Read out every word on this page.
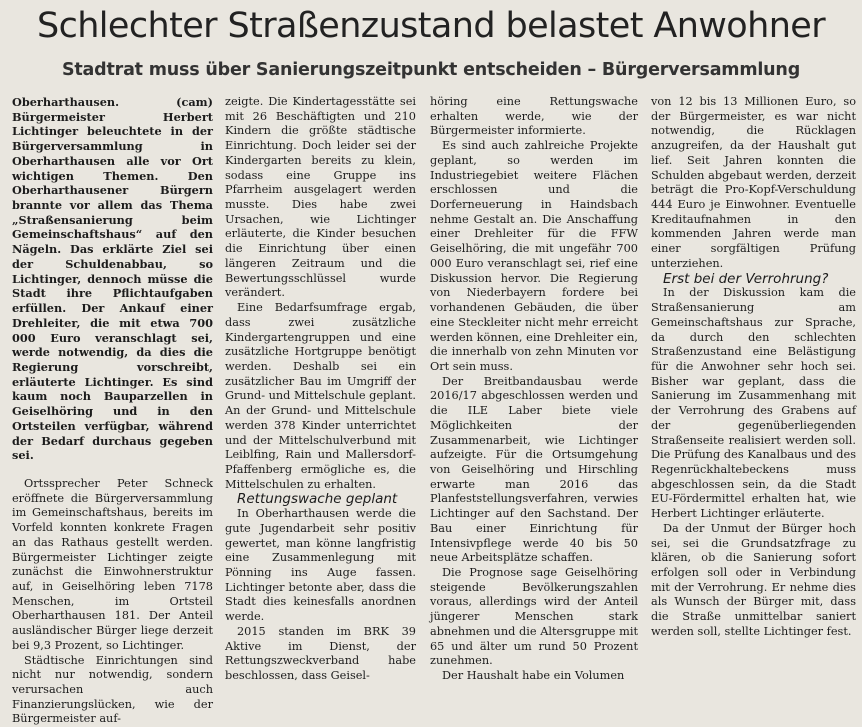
Schlechter Straßenzustand belastet Anwohner
Stadtrat muss über Sanierungszeitpunkt entscheiden – Bürgerversammlung

Oberharthausen. (cam) Bürgermeister Herbert Lichtinger beleuchtete in der Bürgerversammlung in Oberharthausen alle vor Ort wichtigen Themen. Den Oberharthausener Bürgern brannte vor allem das Thema „Straßensanierung beim Gemeinschaftshaus“ auf den Nägeln. Das erklärte Ziel sei der Schuldenabbau, so Lichtinger, dennoch müsse die Stadt ihre Pflichtaufgaben erfüllen. Der Ankauf einer Drehleiter, die mit etwa 700 000 Euro veranschlagt sei, werde notwendig, da dies die Regierung vorschreibt, erläuterte Lichtinger. Es sind kaum noch Bauparzellen in Geiselhöring und in den Ortsteilen verfügbar, während der Bedarf durchaus gegeben sei.

Ortssprecher Peter Schneck eröffnete die Bürgerversammlung im Gemeinschaftshaus, bereits im Vorfeld konnten konkrete Fragen an das Rathaus gestellt werden. Bürgermeister Lichtinger zeigte zunächst die Einwohnerstruktur auf, in Geiselhöring leben 7178 Menschen, im Ortsteil Oberharthausen 181. Der Anteil ausländischer Bürger liege derzeit bei 9,3 Prozent, so Lichtinger.

Städtische Einrichtungen sind nicht nur notwendig, sondern verursachen auch Finanzierungslücken, wie der Bürgermeister auf-

zeigte. Die Kindertagesstätte sei mit 26 Beschäftigten und 210 Kindern die größte städtische Einrichtung. Doch leider sei der Kindergarten bereits zu klein, sodass eine Gruppe ins Pfarrheim ausgelagert werden musste. Dies habe zwei Ursachen, wie Lichtinger erläuterte, die Kinder besuchen die Einrichtung über einen längeren Zeitraum und die Bewertungsschlüssel wurde verändert.

Eine Bedarfsumfrage ergab, dass zwei zusätzliche Kindergartengruppen und eine zusätzliche Hortgruppe benötigt werden. Deshalb sei ein zusätzlicher Bau im Umgriff der Grund- und Mittelschule geplant. An der Grund- und Mittelschule werden 378 Kinder unterrichtet und der Mittelschulverbund mit Leiblfing, Rain und Mallersdorf-Pfaffenberg ermögliche es, die Mittelschulen zu erhalten.

Rettungswache geplant

In Oberharthausen werde die gute Jugendarbeit sehr positiv gewertet, man könne langfristig eine Zusammenlegung mit Pönning ins Auge fassen. Lichtinger betonte aber, dass die Stadt dies keinesfalls anordnen werde.

2015 standen im BRK 39 Aktive im Dienst, der Rettungszweckverband habe beschlossen, dass Geisel-

höring eine Rettungswache erhalten werde, wie der Bürgermeister informierte.

Es sind auch zahlreiche Projekte geplant, so werden im Industriegebiet weitere Flächen erschlossen und die Dorferneuerung in Haindsbach nehme Gestalt an. Die Anschaffung einer Drehleiter für die FFW Geiselhöring, die mit ungefähr 700 000 Euro veranschlagt sei, rief eine Diskussion hervor. Die Regierung von Niederbayern fordere bei vorhandenen Gebäuden, die über eine Steckleiter nicht mehr erreicht werden können, eine Drehleiter ein, die innerhalb von zehn Minuten vor Ort sein muss.

Der Breitbandausbau werde 2016/17 abgeschlossen werden und die ILE Laber biete viele Möglichkeiten der Zusammenarbeit, wie Lichtinger aufzeigte. Für die Ortsumgehung von Geiselhöring und Hirschling erwarte man 2016 das Planfeststellungsverfahren, verwies Lichtinger auf den Sachstand. Der Bau einer Einrichtung für Intensivpflege werde 40 bis 50 neue Arbeitsplätze schaffen.

Die Prognose sage Geiselhöring steigende Bevölkerungszahlen voraus, allerdings wird der Anteil jüngerer Menschen stark abnehmen und die Altersgruppe mit 65 und älter um rund 50 Prozent zunehmen.

Der Haushalt habe ein Volumen

von 12 bis 13 Millionen Euro, so der Bürgermeister, es war nicht notwendig, die Rücklagen anzugreifen, da der Haushalt gut lief. Seit Jahren konnten die Schulden abgebaut werden, derzeit beträgt die Pro-Kopf-Verschuldung 444 Euro je Einwohner. Eventuelle Kreditaufnahmen in den kommenden Jahren werde man einer sorgfältigen Prüfung unterziehen.

Erst bei der Verrohrung?

In der Diskussion kam die Straßensanierung am Gemeinschaftshaus zur Sprache, da durch den schlechten Straßenzustand eine Belästigung für die Anwohner sehr hoch sei. Bisher war geplant, dass die Sanierung im Zusammenhang mit der Verrohrung des Grabens auf der gegenüberliegenden Straßenseite realisiert werden soll. Die Prüfung des Kanalbaus und des Regenrückhaltebeckens muss abgeschlossen sein, da die Stadt EU-Fördermittel erhalten hat, wie Herbert Lichtinger erläuterte.

Da der Unmut der Bürger hoch sei, sei die Grundsatzfrage zu klären, ob die Sanierung sofort erfolgen soll oder in Verbindung mit der Verrohrung. Er nehme dies als Wunsch der Bürger mit, dass die Straße unmittelbar saniert werden soll, stellte Lichtinger fest.
